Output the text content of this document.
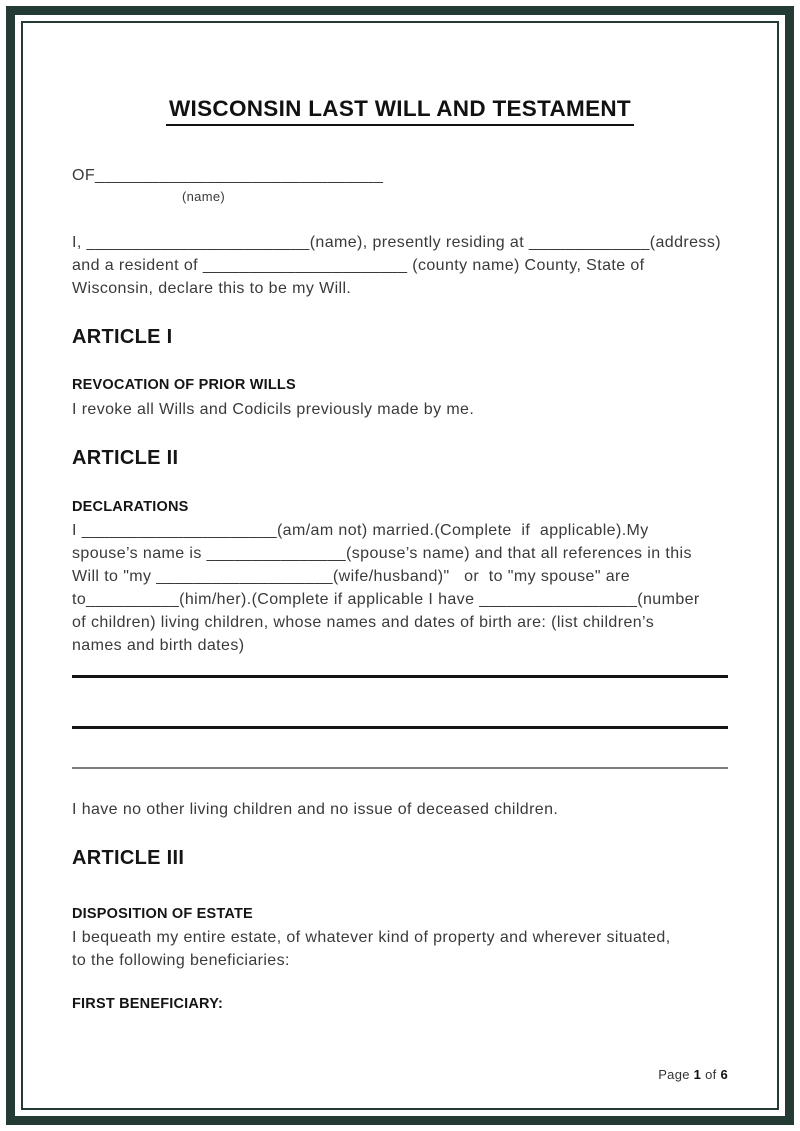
WISCONSIN LAST WILL AND TESTAMENT
OF_______________________________
(name)
I, ________________________(name), presently residing at _____________(address)
and a resident of ______________________ (county name) County, State of
Wisconsin, declare this to be my Will.
ARTICLE I
REVOCATION OF PRIOR WILLS
I revoke all Wills and Codicils previously made by me.
ARTICLE II
DECLARATIONS
I _____________________(am/am not) married.(Complete  if  applicable).My
spouse’s name is _______________(spouse’s name) and that all references in this
Will to "my ___________________(wife/husband)"   or  to "my spouse" are
to__________(him/her).(Complete if applicable I have _________________(number
of children) living children, whose names and dates of birth are: (list children’s
names and birth dates)
I have no other living children and no issue of deceased children.
ARTICLE III
DISPOSITION OF ESTATE
I bequeath my entire estate, of whatever kind of property and wherever situated,
to the following beneficiaries:
FIRST BENEFICIARY:

Page 1 of 6
